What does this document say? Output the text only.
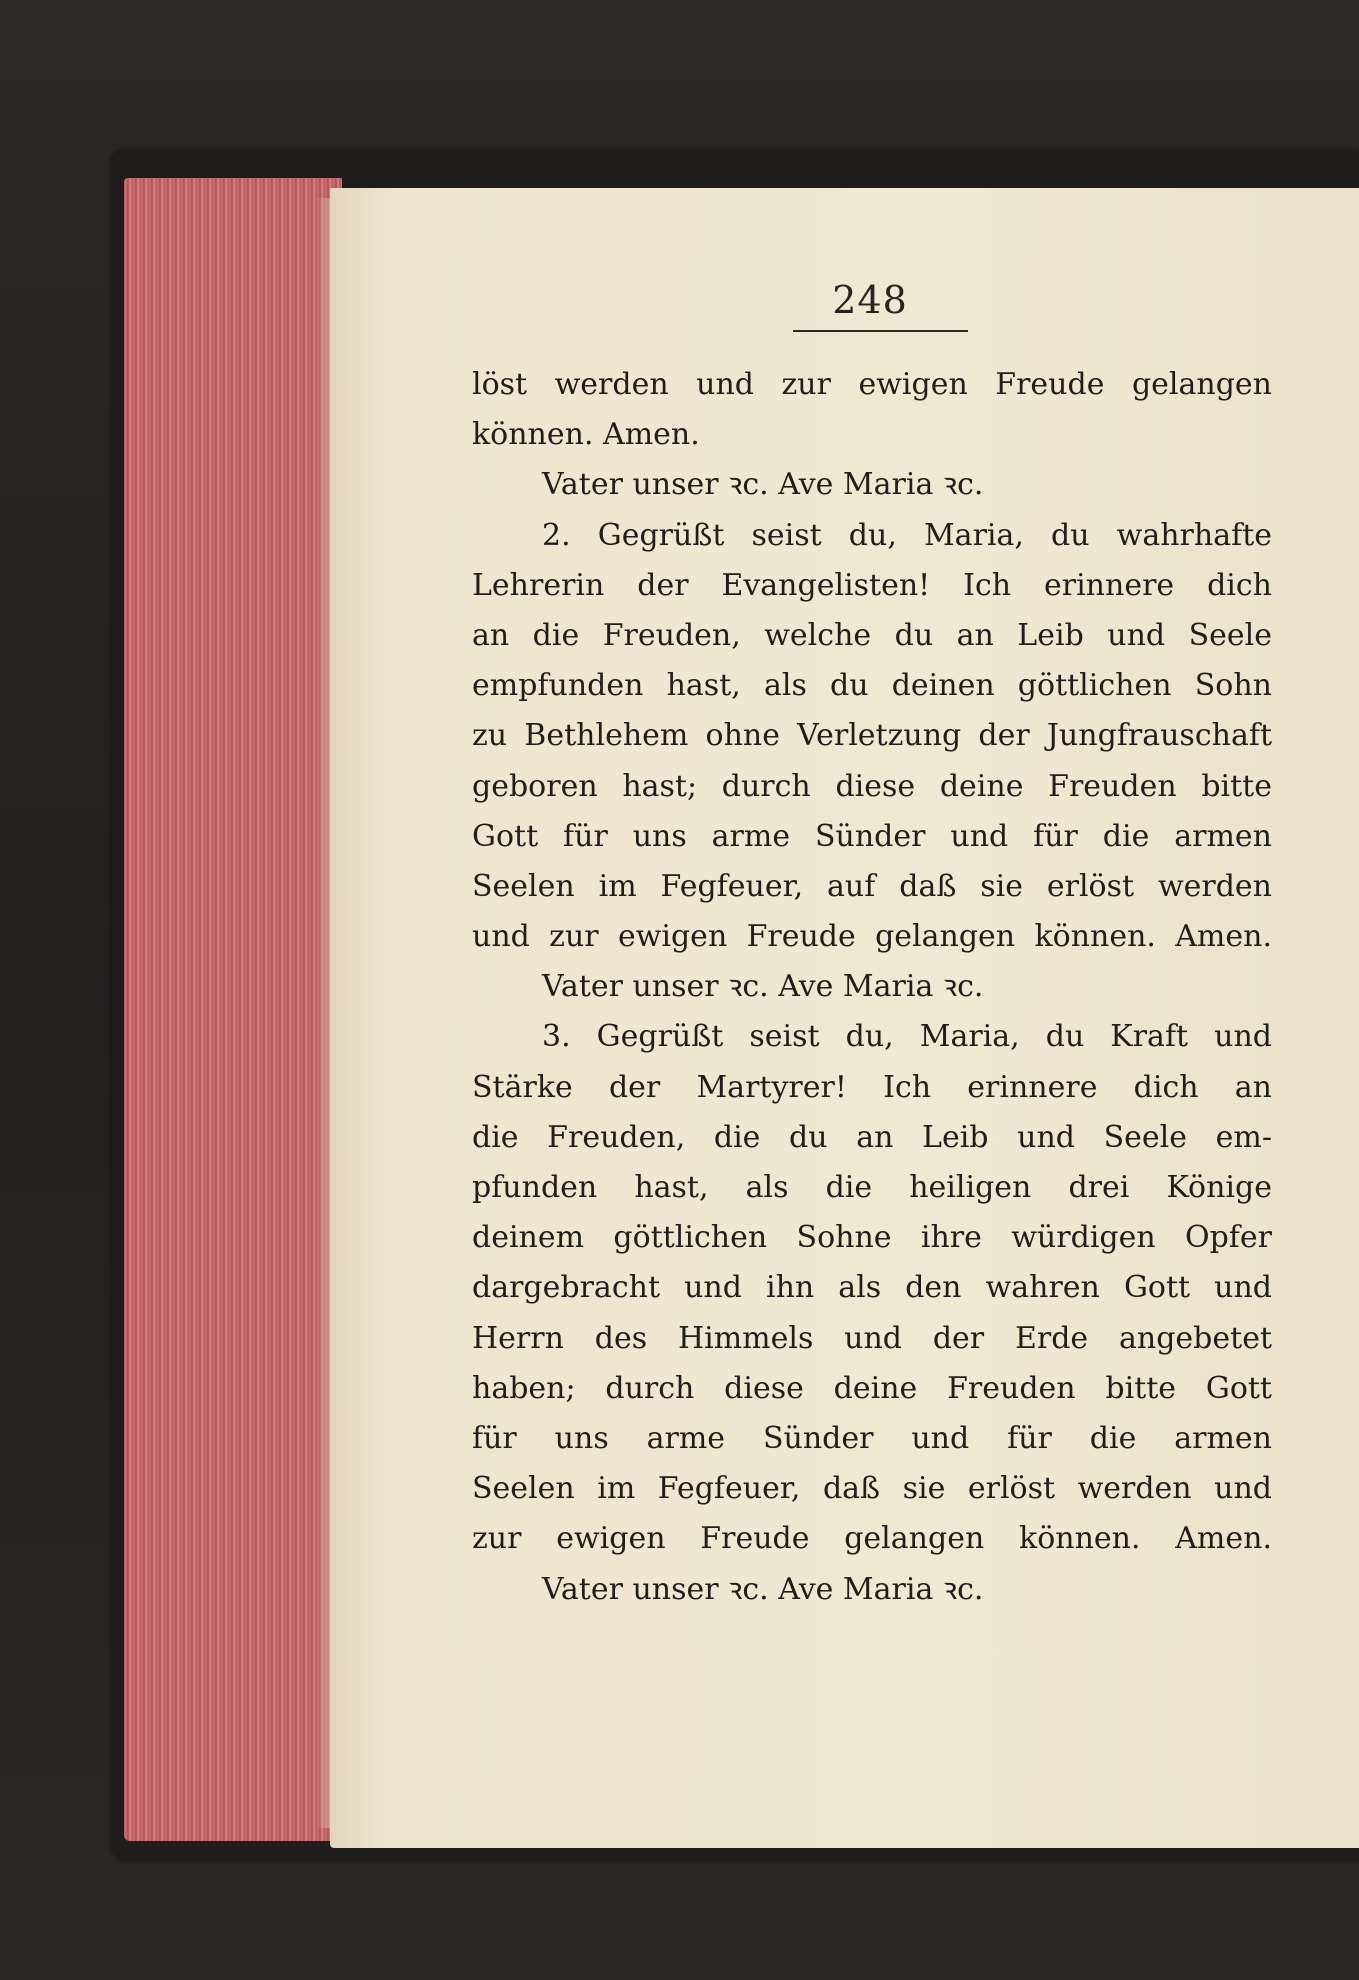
248
löst werden und zur ewigen Freude gelangen
können. Amen.
Vater unser ꝛc. Ave Maria ꝛc.
2. Gegrüßt seist du, Maria, du wahrhafte
Lehrerin der Evangelisten! Ich erinnere dich
an die Freuden, welche du an Leib und Seele
empfunden hast, als du deinen göttlichen Sohn
zu Bethlehem ohne Verletzung der Jungfrauschaft
geboren hast; durch diese deine Freuden bitte
Gott für uns arme Sünder und für die armen
Seelen im Fegfeuer, auf daß sie erlöst werden
und zur ewigen Freude gelangen können. Amen.
Vater unser ꝛc. Ave Maria ꝛc.
3. Gegrüßt seist du, Maria, du Kraft und
Stärke der Martyrer! Ich erinnere dich an
die Freuden, die du an Leib und Seele em-
pfunden hast, als die heiligen drei Könige
deinem göttlichen Sohne ihre würdigen Opfer
dargebracht und ihn als den wahren Gott und
Herrn des Himmels und der Erde angebetet
haben; durch diese deine Freuden bitte Gott
für uns arme Sünder und für die armen
Seelen im Fegfeuer, daß sie erlöst werden und
zur ewigen Freude gelangen können. Amen.
Vater unser ꝛc. Ave Maria ꝛc.
